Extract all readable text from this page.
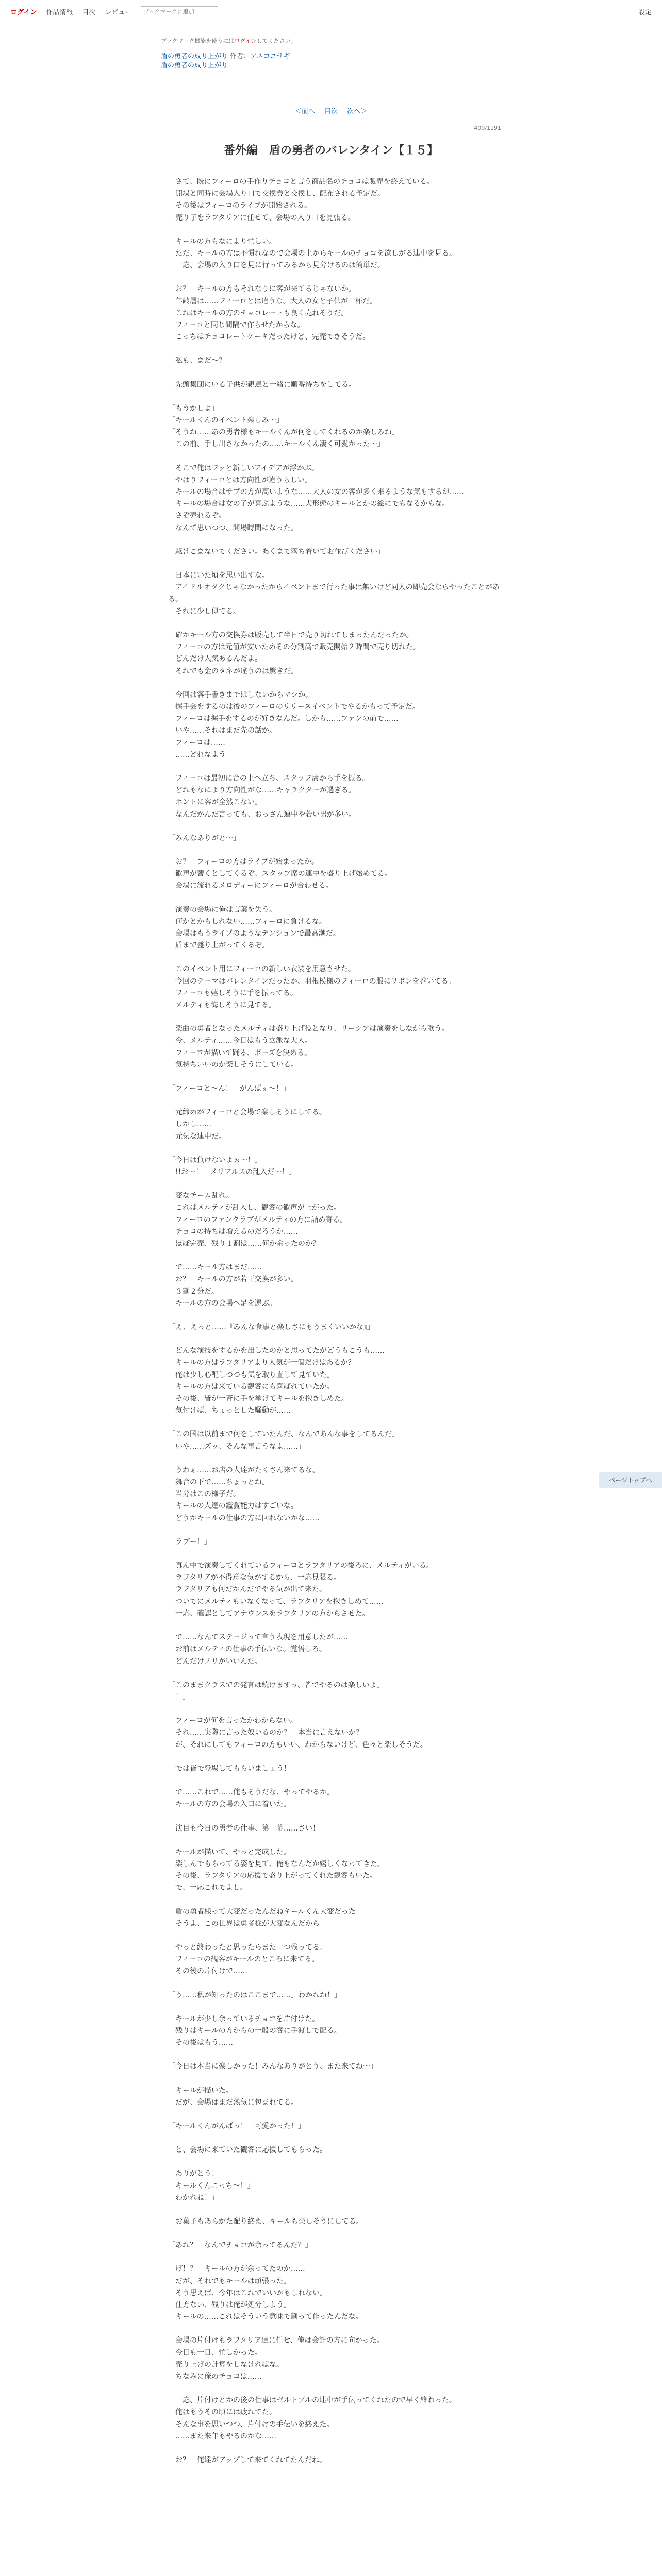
ログイン 作品情報 目次 レビュー
ブックマークに追加	設定
ブックマーク機能を使うにはログインしてください。
盾の勇者の成り上がり 作者：アネコユサギ
盾の勇者の成り上がり
＜前へ 目次 次へ＞
400/1191
番外編　盾の勇者のバレンタイン【１５】

　さて、既にフィーロの手作りチョコと言う商品名のチョコは販売を終えている。
　開場と同時に会場入り口で交換券と交換し、配布される予定だ。
　その後はフィーロのライブが開始される。
　売り子をラフタリアに任せて、会場の入り口を見張る。

　キールの方もなにより忙しい。
　ただ、キールの方は不慣れなので会場の上からキールのチョコを欲しがる連中を見る。
　一応、会場の入り口を見に行ってみるから見分けるのは簡単だ。

　お？　キールの方もそれなりに客が来てるじゃないか。
　年齢層は……フィーロとは違うな。大人の女と子供が一杯だ。
　これはキールの方のチョコレートも良く売れそうだ。
　フィーロと同じ間隔で作らせたからな。
　こっちはチョコレートケーキだったけど、完売できそうだ。

「私も、まだ～？」

　先頭集団にいる子供が親達と一緒に順番待ちをしてる。

「もうかしよ」
「キールくんのイベント楽しみ～」
「そうね……あの勇者様もキールくんが何をしてくれるのか楽しみね」
「この前、手し出さなかったの……キールくん凄く可愛かった～」

　そこで俺はフッと新しいアイデアが浮かぶ。
　やはりフィーロとは方向性が違うらしい。
　キールの場合はサブの方が高いような……大人の女の客が多く来るような気もするが……
　キールの場合は女の子が喜ぶような……犬形態のキールとかの絵にでもなるかもな。
　さぞ売れるぞ。
　なんて思いつつ、開場時間になった。

「駆けこまないでください。あくまで落ち着いてお並びください」

　日本にいた頃を思い出すな。
　アイドルオタクじゃなかったからイベントまで行った事は無いけど同人の即売会ならやったことがある。
　それに少し似てる。

　確かキール方の交換券は販売して半日で売り切れてしまったんだったか。
　フィーロの方は元値が安いためその分割高で販売開始２時間で売り切れた。
　どんだけ人気あるんだよ。
　それでも金のタネが違うのは驚きだ。

　今回は客手書きまではしないからマシか。
　握手会をするのは後のフィーロのリリースイベントでやるかもって予定だ。
　フィーロは握手をするのが好きなんだ。しかも……ファンの前で……
　いや……それはまだ先の話か。
　フィーロは……
　……どれなよう

　フィーロは最初に台の上へ立ち、スタッフ席から手を振る。
　どれもなにより方向性がな……キャラクターが過ぎる。
　ホントに客が全然こない。
　なんだかんだ言っても、おっさん連中や若い男が多い。

「みんなありがと～」

　お？　フィーロの方はライブが始まったか。
　歓声が響くとしてくるぞ、スタッフ席の連中を盛り上げ始めてる。
　会場に流れるメロディーにフィーロが合わせる。

　演奏の会場に俺は言葉を失う。
　何かとかもしれない……フィーロに負けるな。
　会場はもうライブのようなテンションで最高潮だ。
　盾まで盛り上がってくるぞ。

　このイベント用にフィーロの新しい衣装を用意させた。
　今回のテーマはバレンタインだったか、羽根模様のフィーロの服にリボンを巻いてる。
　フィーロも嬉しそうに手を振ってる。
　メルティも悔しそうに見てる。

　楽曲の勇者となったメルティは盛り上げ役となり、リーシアは演奏をしながら歌う。
　今、メルティ……今日はもう立派な大人。
　フィーロが描いて踊る、ポーズを決める。
　気持ちいいのか楽しそうにしている。

「フィーロと～ん！　がんばぇ～！」

　元締めがフィーロと会場で楽しそうにしてる。
　しかし……
　元気な連中だ。

「今日は負けないよぉ～！」
「!!お～！　メリアルスの乱入だ～！」

　変なチーム乱れ。
　これはメルティが乱入し、観客の歓声が上がった。
　フィーロのファンクラブがメルティの方に詰め寄る。
　チョコの持ちは増えるのだろうか……
　ほぼ完売、残り１割は……何か余ったのか？

　で……キール方はまだ……
　お？　キールの方が若干交換が多い。
　３割２分だ。
　キールの方の会場へ足を運ぶ。

「え、えっと……『みんな食事と楽しさにもうまくいいかな』」

　どんな演技をするかを出したのかと思ってたがどうもこうも……
　キールの方はラフタリアより人気が一個だけはあるか？
　俺は少し心配しつつも気を取り直して見ていた。
　キールの方は来ている観客にも喜ばれていたか。
　その後、皆が一斉に手を挙げてキールを抱きしめた。
　気付けば、ちょっとした騒動が……

「この国は以前まで何をしていたんだ、なんであんな事をしてるんだ」
「いや……ズッ、そんな事言うなよ……」

　うわぁ……お店の人達がたくさん来てるな。
　舞台の下で……ちょっとね。
　当分はこの様子だ。
　キールの人達の鑑賞能力はすごいな。
　どうかキールの仕事の方に回れないかな……

「ラブー！」

　真ん中で演奏してくれているフィーロとラフタリアの後ろに、メルティがいる。
　ラフタリアが不得意な気がするから、一応見張る。
　ラフタリアも何だかんだでやる気が出て来た。
　ついでにメルティもいなくなって、ラフタリアを抱きしめて……
　一応、確認としてアナウンスをラフタリアの方からさせた。

　で……なんてステージって言う表現を用意したが……
　お前はメルティの仕事の手伝いな。覚悟しろ。
　どんだけノリがいいんだ。

「このままクラスでの発言は続けますっ、皆でやるのは楽しいよ」
「！」

　フィーロが何を言ったかわからない。
　それ……実際に言った奴いるのか？　本当に言えないか？
　が、それにしてもフィーロの方もいい、わからないけど、色々と楽しそうだ。

「では皆で登場してもらいましょう！」

　で……これで……俺もそうだな、やってやるか。
　キールの方の会場の入口に着いた。

　演目も今日の勇者の仕事、第一幕……さい！

　キールが描いて、やっと完成した。
　楽しんでもらってる姿を見て、俺もなんだか嬉しくなってきた。
　その後、ラフタリアの応援で盛り上がってくれた観客もいた。
　で、一応これでよし。

「盾の勇者様って大変だったんだねキールくん大変だった」
「そうよ、この世界は勇者様が大変なんだから」

　やっと終わったと思ったらまた一つ残ってる。
　フィーロの観客がキールのところに来てる。
　その後の片付けで……

「う……私が知ったのはここまで……」わかれね！」

　キールが少し余っているチョコを片付けた。
　残りはキールの方からの一般の客に手渡しで配る。
　その後はもう……

「今日は本当に楽しかった！みんなありがとう、また来てね～」

　キールが描いた。
　だが、会場はまだ熱気に包まれてる。

「キールくんがんばっ！　可愛かった！」

　と、会場に来ていた観客に応援してもらった。

「ありがとう！」
「キールくんこっち～！」
「わかれね！」

　お菓子もあらかた配り終え、キールも楽しそうにしてる。

「あれ？　なんでチョコが余ってるんだ？」

　げ！？　キールの方が余ってたのか……
　だが、それでもキールは頑張った。
　そう思えば、今年はこれでいいかもしれない。
　仕方ない、残りは俺が処分しよう。
　キールの……これはそういう意味で割って作ったんだな。

　会場の片付けもラフタリア達に任せ、俺は会計の方に向かった。
　今日も一日、忙しかった。
　売り上げの計算をしなければな。
　ちなみに俺のチョコは……

　一応、片付けとかの後の仕事はゼルトブルの連中が手伝ってくれたので早く終わった。
　俺はもうその頃には疲れてた。
　そんな事を思いつつ、片付けの手伝いを終えた。
　……また来年もやるのかな……

　お？　俺達がアップして来てくれてたんだね。

ページトップへ
